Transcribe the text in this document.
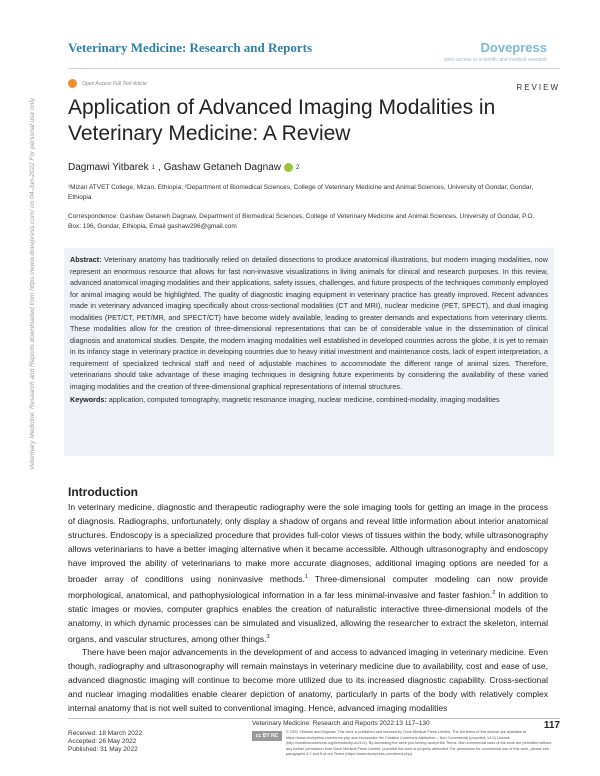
Veterinary Medicine: Research and Reports	Dovepress
open access to scientific and medical research
Open Access Full Text Article	REVIEW
Application of Advanced Imaging Modalities in Veterinary Medicine: A Review
Dagmawi Yitbarek 1 , Gashaw Getaneh Dagnaw	2

¹Mizan ATVET College, Mizan, Ethiopia; ²Department of Biomedical Sciences, College of Veterinary Medicine and Animal Sciences, University of Gondar, Gondar, Ethiopia

Correspondence: Gashaw Getaneh Dagnaw, Department of Biomedical Sciences, College of Veterinary Medicine and Animal Sciences, University of Gondar, P.O. Box: 196, Gondar, Ethiopia, Email gashaw296@gmail.com

Abstract: Veterinary anatomy has traditionally relied on detailed dissections to produce anatomical illustrations, but modern imaging modalities, now represent an enormous resource that allows for fast non-invasive visualizations in living animals for clinical and research purposes. In this review, advanced anatomical imaging modalities and their applications, safety issues, challenges, and future prospects of the techniques commonly employed for animal imaging would be highlighted. The quality of diagnostic imaging equipment in veterinary practice has greatly improved. Recent advances made in veterinary advanced imaging specifically about cross-sectional modalities (CT and MRI), nuclear medicine (PET, SPECT), and dual imaging modalities (PET/CT, PET/MR, and SPECT/CT) have become widely available, leading to greater demands and expectations from veterinary clients. These modalities allow for the creation of three-dimensional representations that can be of considerable value in the dissemination of clinical diagnosis and anatomical studies. Despite, the modern imaging modalities well established in developed countries across the globe, it is yet to remain in its infancy stage in veterinary practice in developing countries due to heavy initial investment and maintenance costs, lack of expert interpretation, a requirement of specialized technical staff and need of adjustable machines to accommodate the different range of animal sizes. Therefore, veterinarians should take advantage of these imaging techniques in designing future experiments by considering the availability of these varied imaging modalities and the creation of three-dimensional graphical representations of internal structures.

Keywords: application, computed tomography, magnetic resonance imaging, nuclear medicine, combined-modality, imaging modalities

Introduction

In veterinary medicine, diagnostic and therapeutic radiography were the sole imaging tools for getting an image in the process of diagnosis. Radiographs, unfortunately, only display a shadow of organs and reveal little information about interior anatomical structures. Endoscopy is a specialized procedure that provides full-color views of tissues within the body, while ultrasonography allows veterinarians to have a better imaging alternative when it became accessible. Although ultrasonography and endoscopy have improved the ability of veterinarians to make more accurate diagnoses, additional imaging options are needed for a broader array of conditions using noninvasive methods.$^1$ Three-dimensional computer modeling can now provide morphological, anatomical, and pathophysiological information in a far less minimal-invasive and faster fashion.$^2$ In addition to static images or movies, computer graphics enables the creation of naturalistic interactive three-dimensional models of the anatomy, in which dynamic processes can be simulated and visualized, allowing the researcher to extract the skeleton, internal organs, and vascular structures, among other things.$^3$

There have been major advancements in the development of and access to advanced imaging in veterinary medicine. Even though, radiography and ultrasonography will remain mainstays in veterinary medicine due to availability, cost and ease of use, advanced diagnostic imaging will continue to become more utilized due to its increased diagnostic capability. Cross-sectional and nuclear imaging modalities enable clearer depiction of anatomy, particularly in parts of the body with relatively complex internal anatomy that is not well suited to conventional imaging. Hence, advanced imaging modalities

Veterinary Medicine: Research and Reports downloaded from https://www.dovepress.com/ on 04-Jun-2022 For personal use only.
Received: 18 March 2022
Accepted: 26 May 2022
Published: 31 May 2022
Veterinary Medicine: Research and Reports 2022:13 117–130	117
cc BY NC
© 2022 Yitbarek and Dagnaw. This work is published and licensed by Dove Medical Press Limited. The full terms of this license are available at https://www.dovepress.com/terms.php and incorporate the Creative Commons Attribution – Non Commercial (unported, v3.0) License (http://creativecommons.org/licenses/by-nc/3.0/). By accessing the work you hereby accept the Terms. Non-commercial uses of the work are permitted without any further permission from Dove Medical Press Limited, provided the work is properly attributed. For permission for commercial use of this work, please see paragraphs 4.2 and 5 of our Terms (https://www.dovepress.com/terms.php).
